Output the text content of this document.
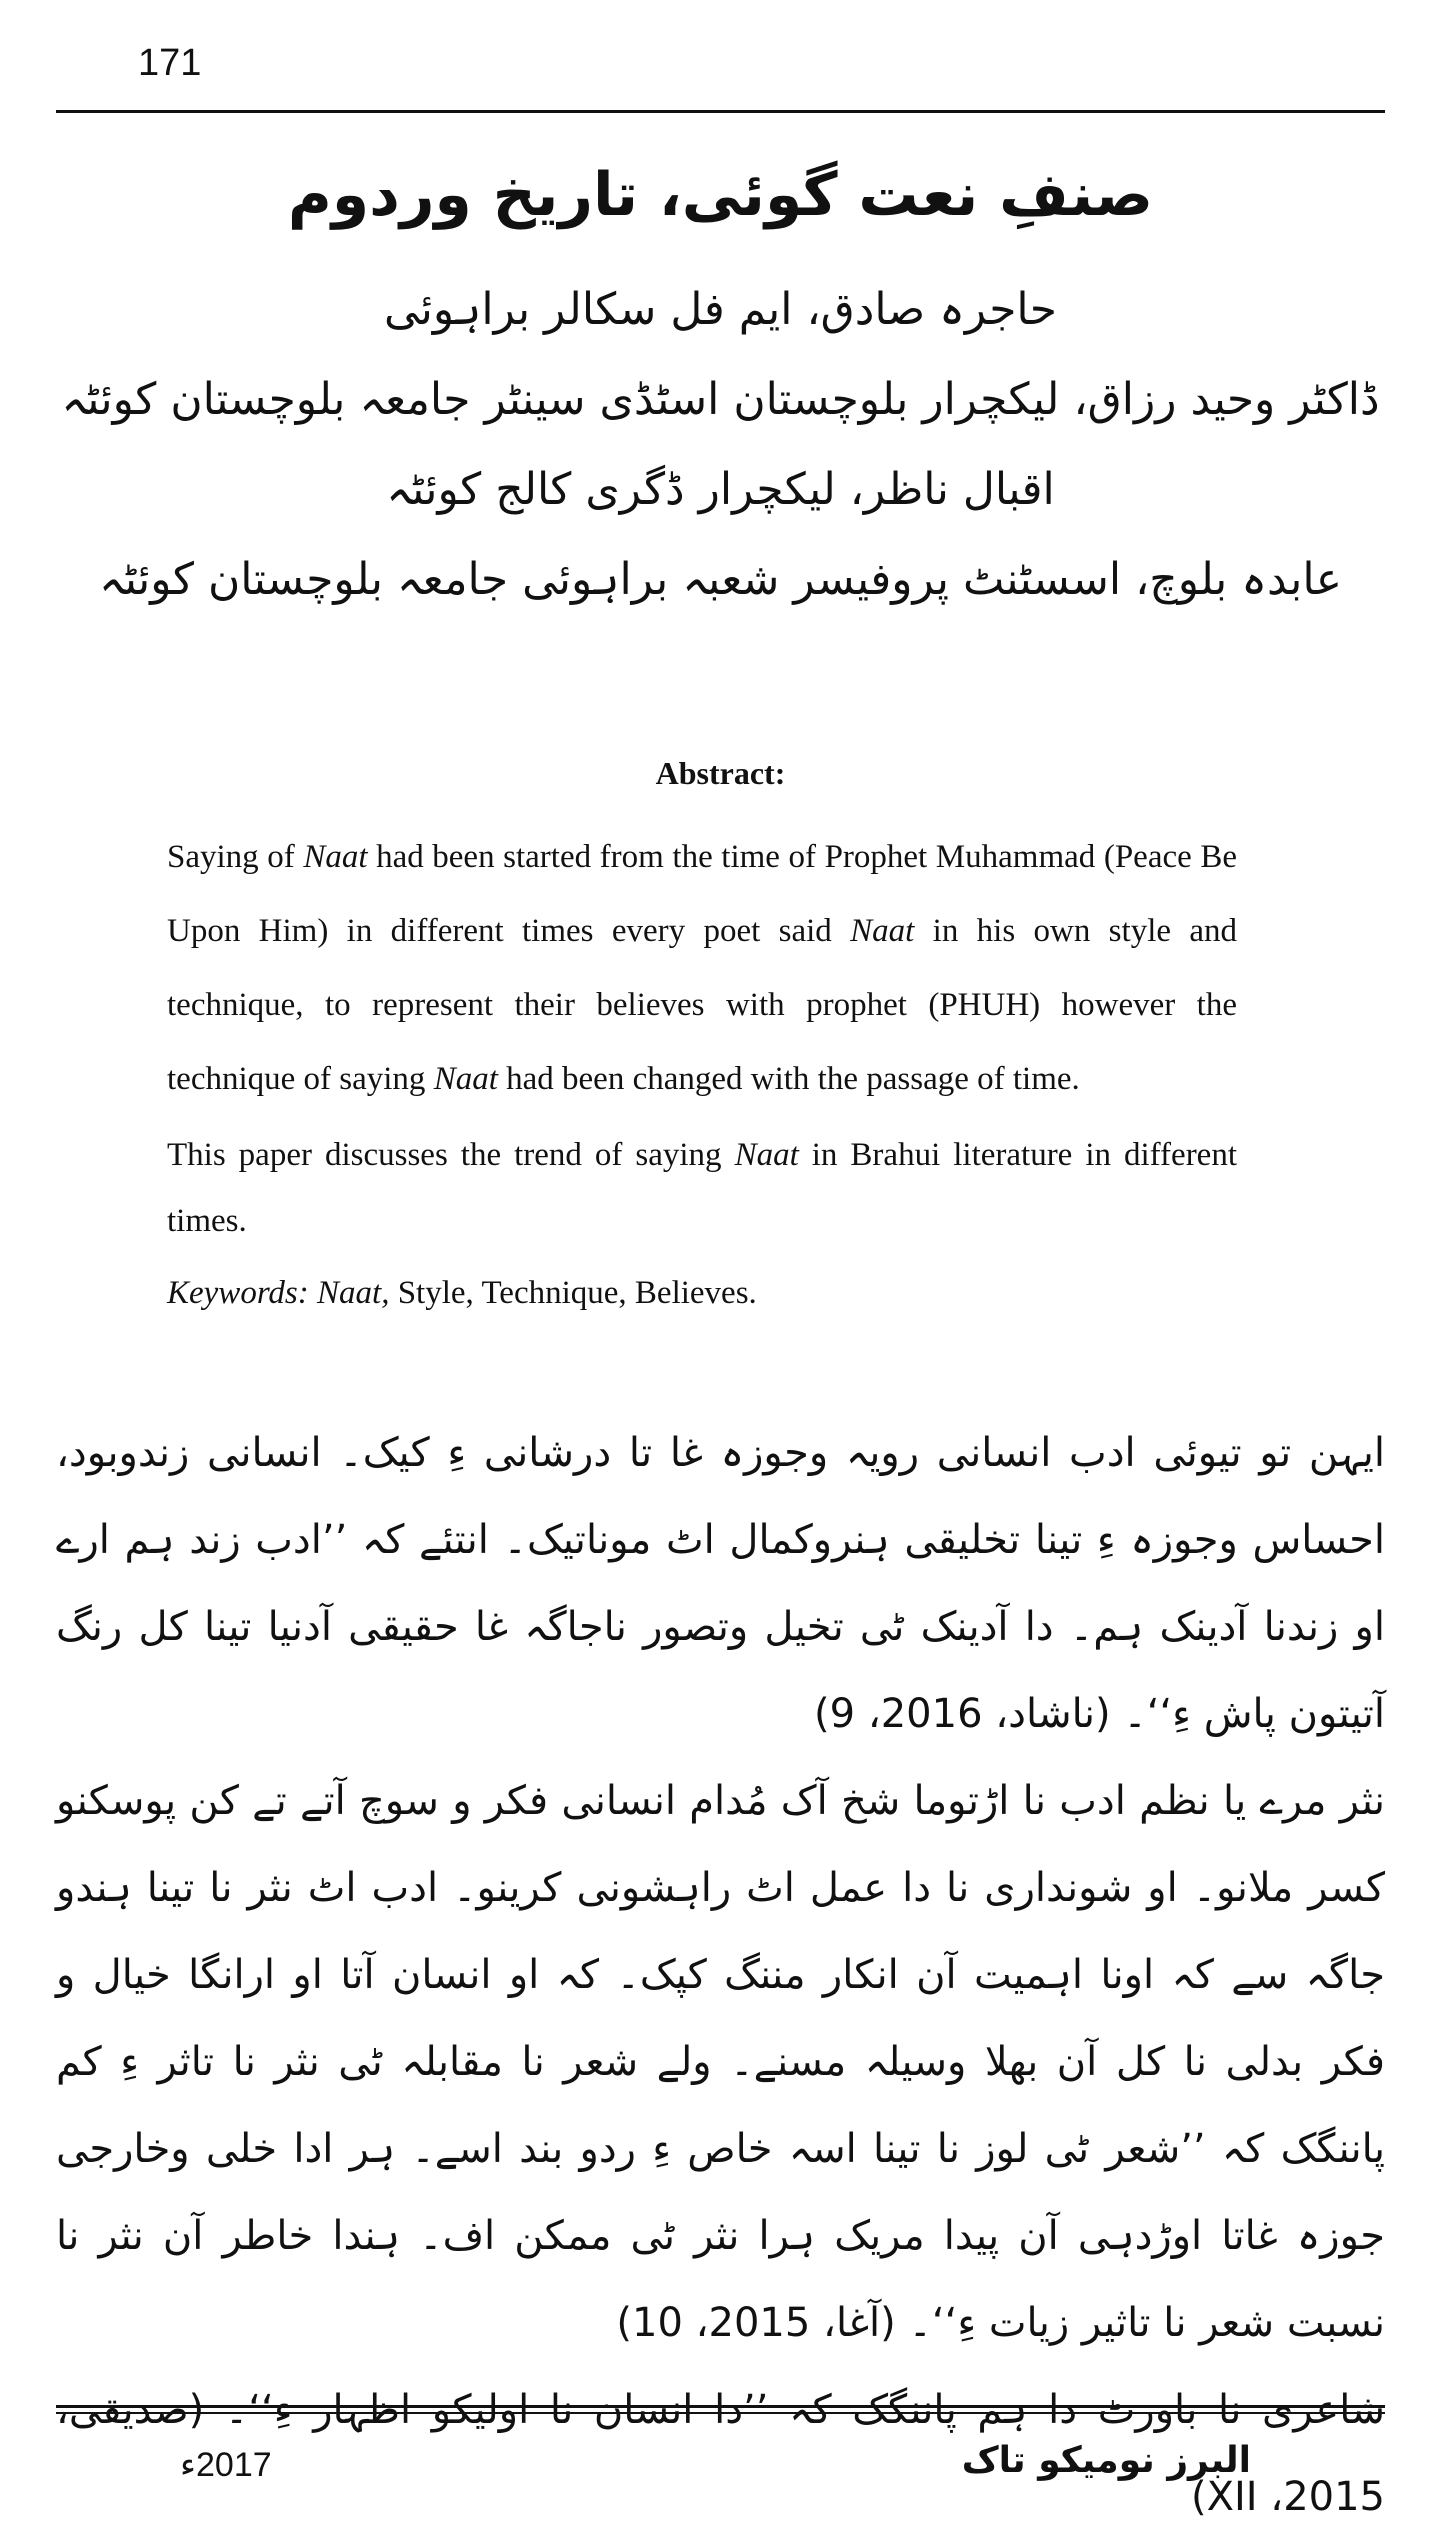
171
صنفِ نعت گوئی، تاریخ وردوم
حاجرہ صادق، ایم فل سکالر براہوئی
ڈاکٹر وحید رزاق، لیکچرار بلوچستان اسٹڈی سینٹر جامعہ بلوچستان کوئٹہ
اقبال ناظر، لیکچرار ڈگری کالج کوئٹہ
عابدہ بلوچ، اسسٹنٹ پروفیسر شعبہ براہوئی جامعہ بلوچستان کوئٹہ
Abstract:

Saying of Naat had been started from the time of Prophet Muhammad (Peace Be Upon Him) in different times every poet said Naat in his own style and technique, to represent their believes with prophet (PHUH) however the technique of saying Naat had been changed with the passage of time.

This paper discusses the trend of saying Naat in Brahui literature in different times.

Keywords: Naat, Style, Technique, Believes.

ایہن تو تیوئی ادب انسانی رویہ وجوزہ غا تا درشانی ءِ کیک۔ انسانی زندوبود، احساس وجوزہ ءِ تینا تخلیقی ہنروکمال اٹ موناتیک۔ انتئے کہ ’’ادب زند ہم ارے او زندنا آدینک ہم۔ دا آدینک ٹی تخیل وتصور ناجاگہ غا حقیقی آدنیا تینا کل رنگ آتیتون پاش ءِ‘‘۔ (ناشاد، 2016، 9)

نثر مرے یا نظم ادب نا اڑتوما شخ آک مُدام انسانی فکر و سوچ آتے تے کن پوسکنو کسر ملانو۔ او شونداری نا دا عمل اٹ راہشونی کرینو۔ ادب اٹ نثر نا تینا ہندو جاگہ سے کہ اونا اہمیت آن انکار مننگ کپک۔ کہ او انسان آتا او ارانگا خیال و فکر بدلی نا کل آن بھلا وسیلہ مسنے۔ ولے شعر نا مقابلہ ٹی نثر نا تاثر ءِ کم پاننگک کہ ’’شعر ٹی لوز نا تینا اسہ خاص ءِ ردو بند اسے۔ ہر ادا خلی وخارجی جوزہ غاتا اوڑدہی آن پیدا مریک ہرا نثر ٹی ممکن اف۔ ہندا خاطر آن نثر نا نسبت شعر نا تاثیر زیات ءِ‘‘۔ (آغا، 2015، 10)

شاعری نا باورٹ دا ہم پاننگک کہ ’’دا انسان نا اولیکو اظہار ءِ‘‘۔ (صدیقی، 2015، XII)

2017ء	البرز نومیکو تاک
